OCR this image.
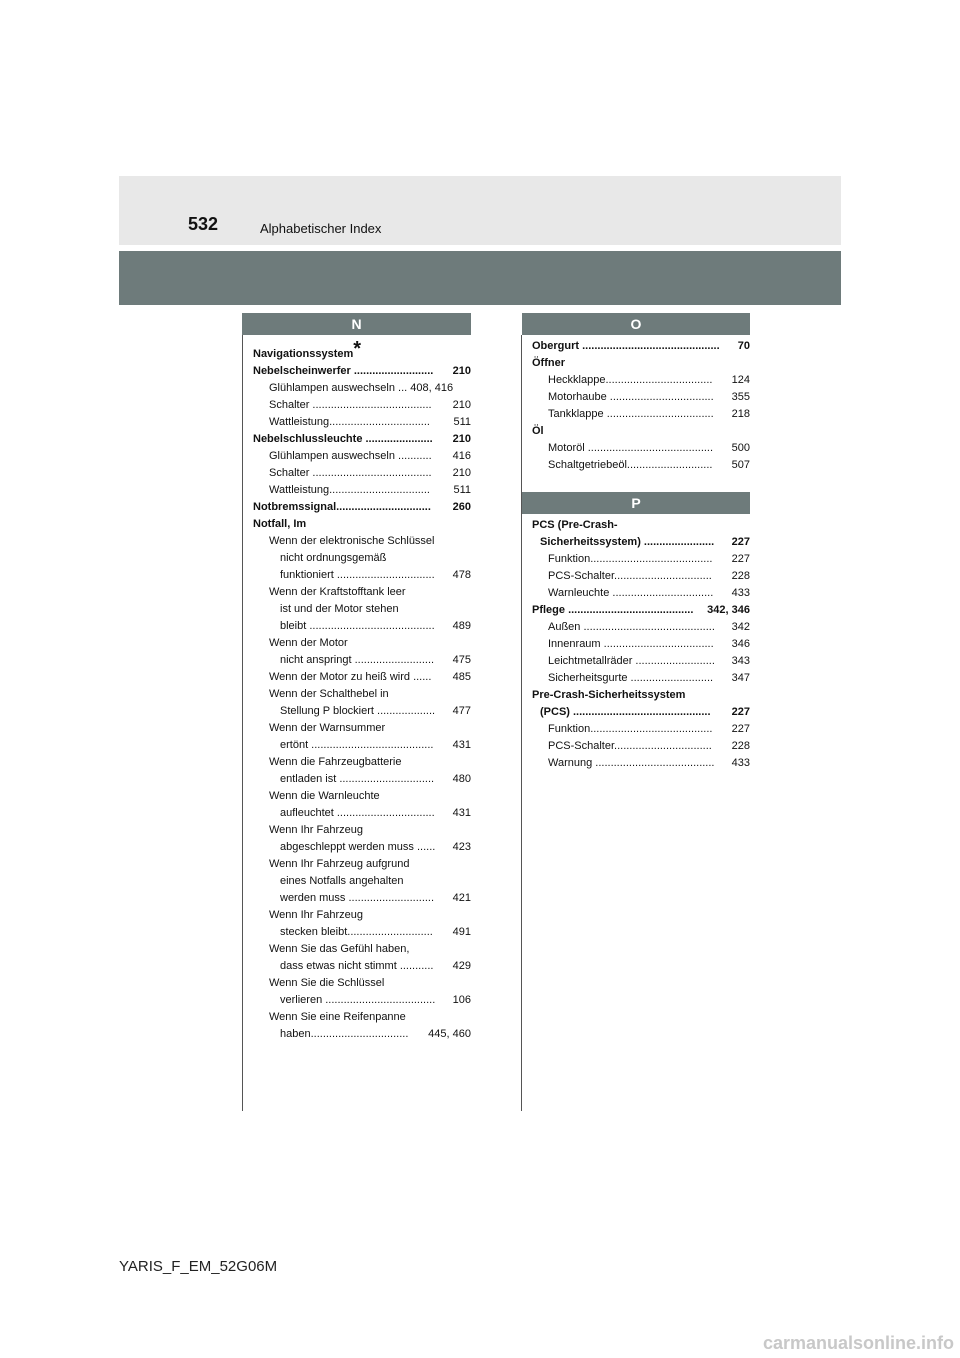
532	Alphabetischer Index
N	O
P
Navigationssystem*
Nebelscheinwerfer .......................... 210
Glühlampen auswechseln ... 408, 416
Schalter ....................................... 210
Wattleistung................................. 511
Nebelschlussleuchte ...................... 210
Glühlampen auswechseln ........... 416
Schalter ....................................... 210
Wattleistung................................. 511
Notbremssignal............................... 260
Notfall, Im
Wenn der elektronische Schlüssel
nicht ordnungsgemäß
funktioniert ................................ 478
Wenn der Kraftstofftank leer
ist und der Motor stehen
bleibt ......................................... 489
Wenn der Motor
nicht anspringt .......................... 475
Wenn der Motor zu heiß wird ...... 485
Wenn der Schalthebel in
Stellung P blockiert ................... 477
Wenn der Warnsummer
ertönt ........................................ 431
Wenn die Fahrzeugbatterie
entladen ist ............................... 480
Wenn die Warnleuchte
aufleuchtet ................................ 431
Wenn Ihr Fahrzeug
abgeschleppt werden muss ...... 423
Wenn Ihr Fahrzeug aufgrund
eines Notfalls angehalten
werden muss ............................ 421
Wenn Ihr Fahrzeug
stecken bleibt............................ 491
Wenn Sie das Gefühl haben,
dass etwas nicht stimmt ........... 429
Wenn Sie die Schlüssel
verlieren .................................... 106
Wenn Sie eine Reifenpanne
haben................................ 445, 460
Obergurt ............................................. 70
Öffner
Heckklappe................................... 124
Motorhaube .................................. 355
Tankklappe ................................... 218
Öl
Motoröl ......................................... 500
Schaltgetriebeöl............................ 507
PCS (Pre-Crash-
Sicherheitssystem) ....................... 227
Funktion........................................ 227
PCS-Schalter................................ 228
Warnleuchte ................................. 433
Pflege ......................................... 342, 346
Außen ........................................... 342
Innenraum .................................... 346
Leichtmetallräder .......................... 343
Sicherheitsgurte ........................... 347
Pre-Crash-Sicherheitssystem
(PCS) ............................................. 227
Funktion........................................ 227
PCS-Schalter................................ 228
Warnung ....................................... 433
YARIS_F_EM_52G06M
carmanualsonline.info
